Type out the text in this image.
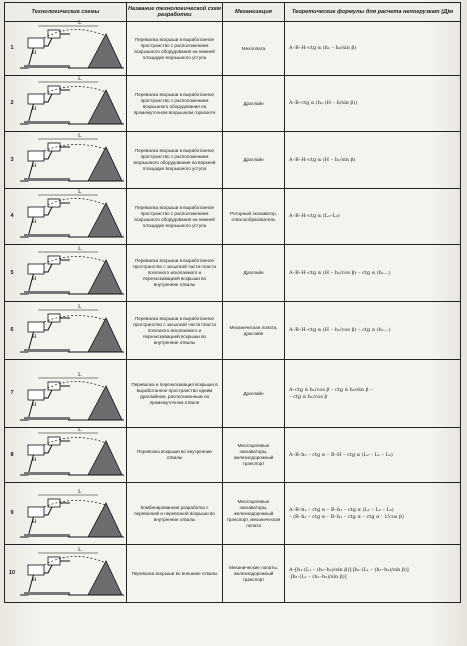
Технологические схемы	Название технологической схем разработки	Механизация	Теоретические формулы для расчета непогрузкат (Д)м

1
H
L	Перевалка вскрыши в выработанное пространство с расположением вскрышного оборудования на нижней площадке вскрышного уступа	Мехлопата	A–B–H–ctg α (h₁ – h₂/sin β)

2
H
L	Перевалка вскрыши в выработанное пространство с расположением вскрышного оборудования на промежуточном вскрышном горизонте	Драглайн	A–B–ctg α (h₁·(H – h/sin β))

3
H
L	Перевалка вскрыши в выработанное пространство с расположением вскрышного оборудования на верхней площадке вскрышного уступа	Драглайн	A–B–H–ctg α (H – h₁/sin β)

4
H
L	Перевалка вскрыши в выработанное пространство с расположением вскрышного оборудования на нижней площадке вскрышного уступа	Роторный экскаватор, отвалообразователь	A–B–H–ctg α (L₁–L₂)

5
H
L	Перевалка вскрыши в выработанное пространство с засыпкой части пласта полезного ископаемого и переэкскавацией вскрыши во внутренние отвалы	Драглайн	A–B–H–ctg α (H – h₁/cos β) – ctg α (h₁...)

6
H
L	Перевалка вскрыши в выработанное пространство с засыпкой части пласта полезного ископаемого и переэкскавацией вскрыши во внутренние отвалы	Механическая лопата, драглайн	A–B–H–ctg α (H – h₁/cos β) – ctg α (h₁...)

7
H
L	Перевалка и переэкскавация вскрыши в выработанное пространство одним драглайном, расположенным на промежуточном отвале	Драглайн	A–ctg α h₁/cos β – ctg α h₂/sin β –
– ctg α h₁/cos β

8
H
L	Перевозка вскрыши во внутренние отвалы	Многоцелевые экскаваторы, железнодорожный транспорт	A–B–h₂ – ctg α – B–H – ctg α (L₂ – L₁ – L₂)

9
H
L	Комбинированная разработка с перевалкой и перевозкой вскрыши во внутренние отвалы	Многоцелевые экскаваторы, железнодорожный транспорт, механическая лопата	A–B–h₁ – ctg α – B–h₁ – ctg α (L₁ – L₂ – L₃)
– (B–h₁ – ctg α – B–h₁ – ctg α – ctg α · 1/cos β)

10
H
L	Перевозка вскрыши во внешние отвалы	Механические лопаты, железнодорожный транспорт	A–[h₁·(L₁ – (h₁–h₂)/sin β)]·[h₁·(L₁ – (h₁–h₂)/sin β)]
·[h₁·(L₁ – (h₁–h₂)/sin β)]
